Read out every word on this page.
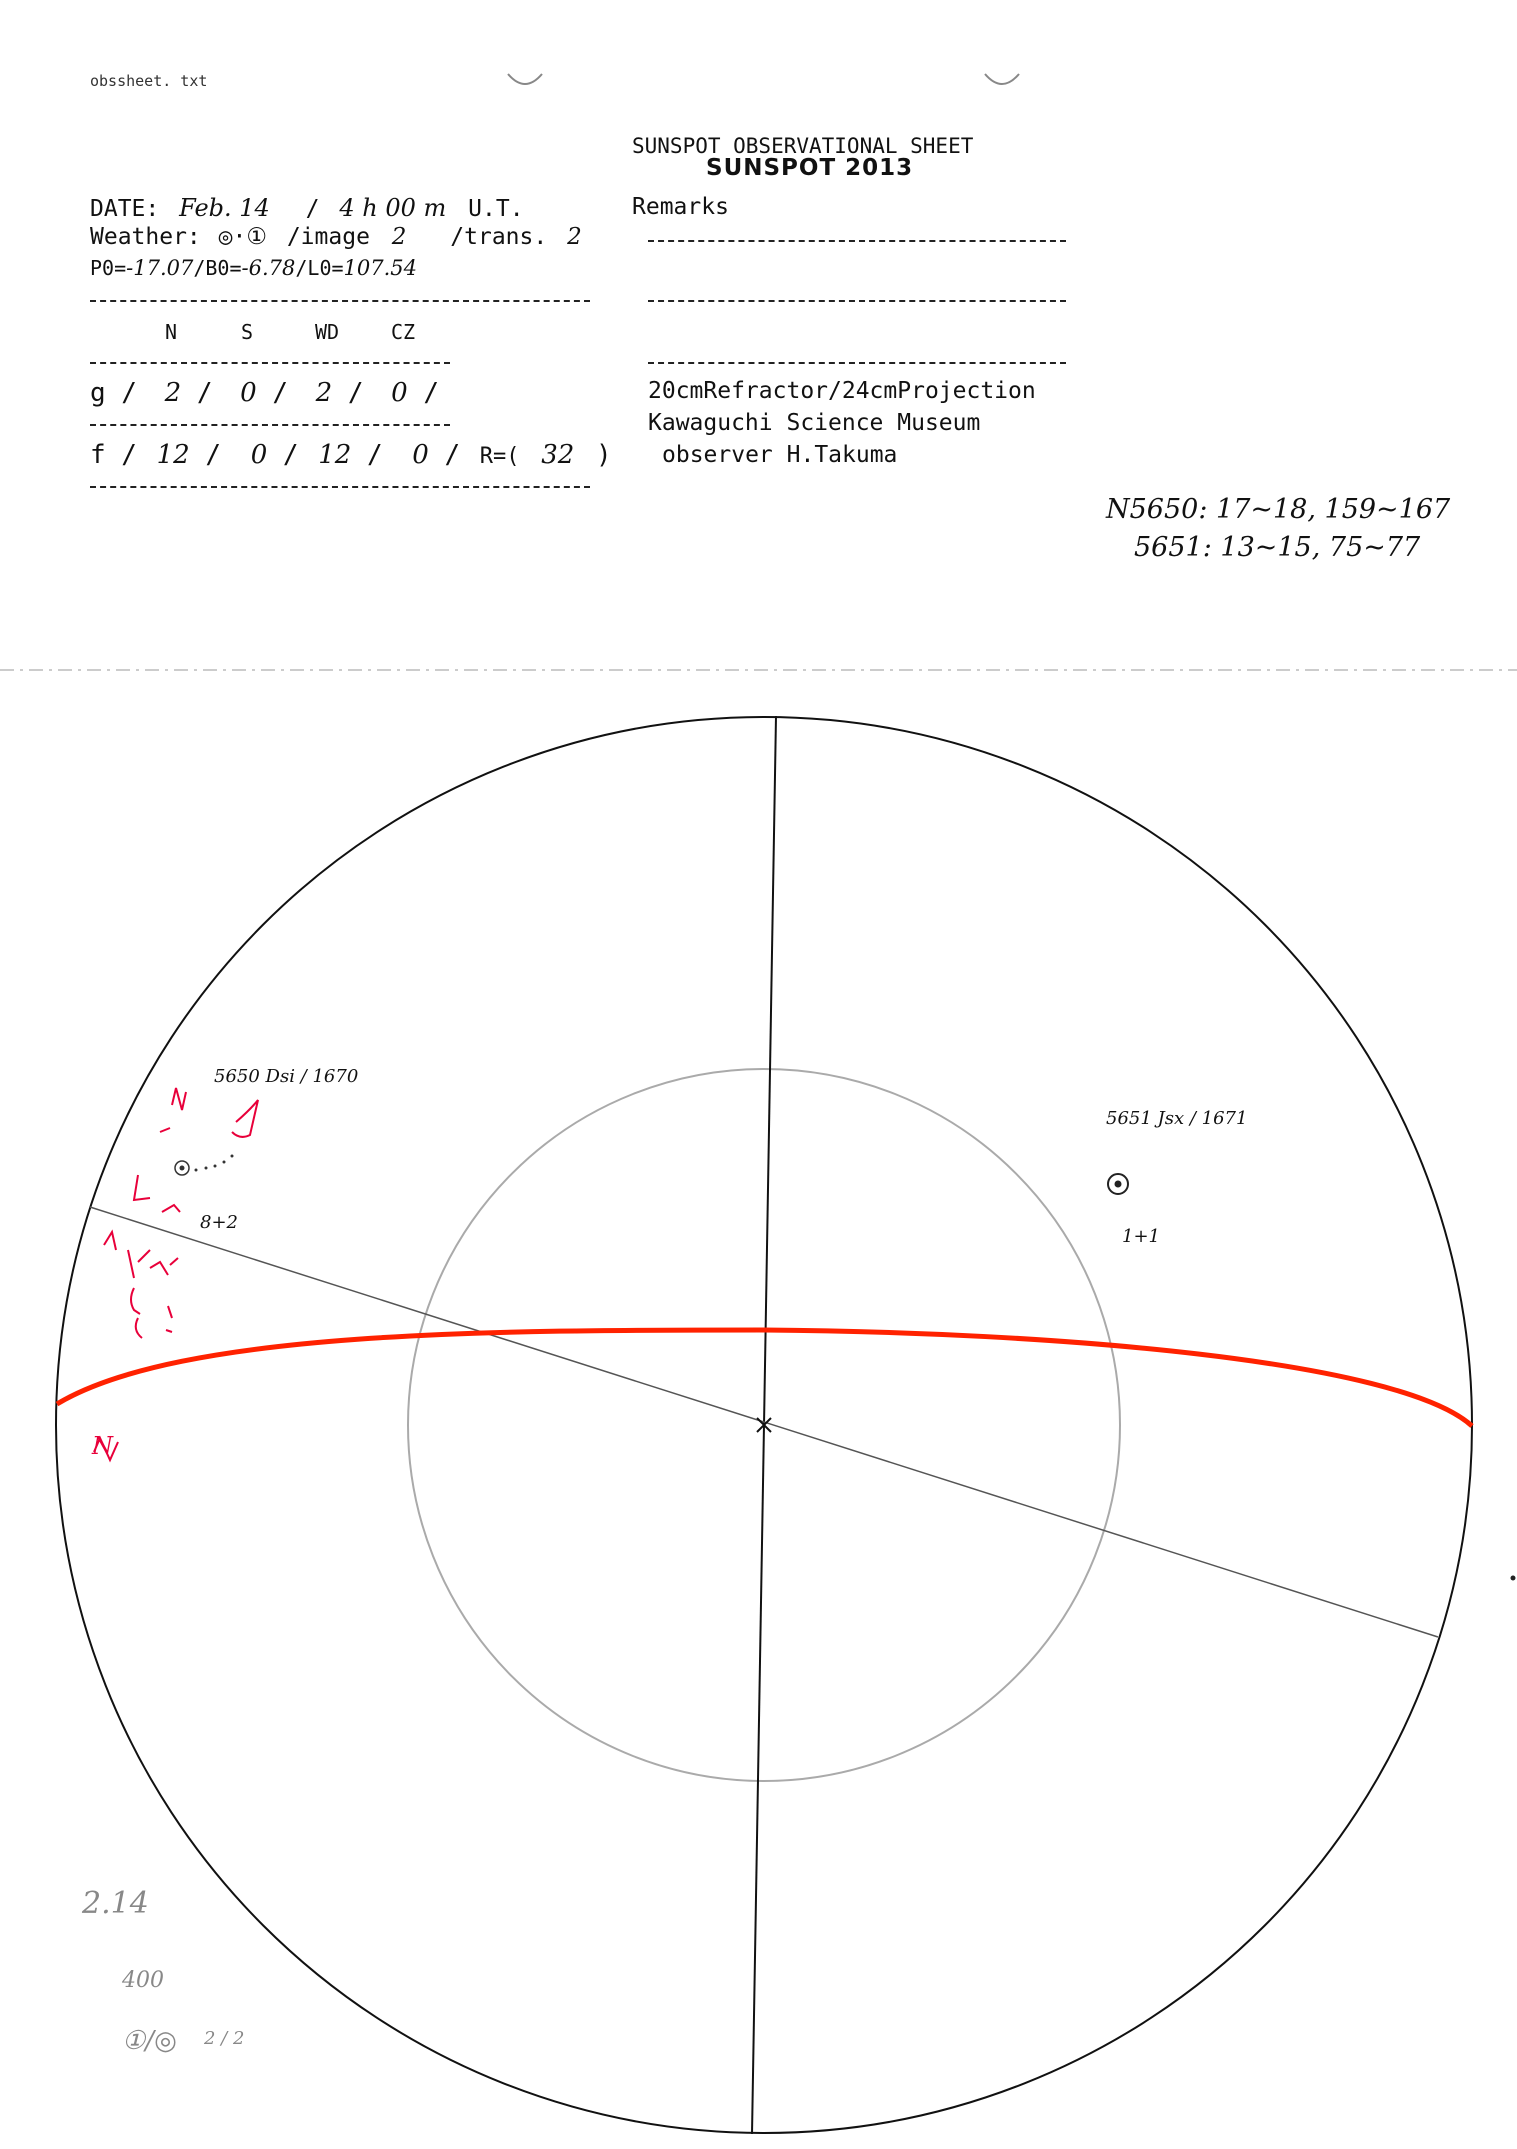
obssheet. txt
SUNSPOT OBSERVATIONAL SHEET
SUNSPOT 2013
DATE: Feb. 14 / 4 h 00 m U.T.
Weather: ◎·① /image 2 /trans. 2
P0=-17.07/B0=-6.78/L0=107.54
N	S	WD	CZ
g / 2 / 0 / 2 / 0 /
f / 12 / 0 / 12 / 0 / R=( 32 )
Remarks
20cmRefractor/24cmProjection
Kawaguchi Science Museum
observer H.Takuma
N5650: 17~18, 159~167
5651: 13~15, 75~77
5650 Dsi / 1670
8+2
5651 Jsx / 1671
1+1
N
2.14
400
①/◎ 2 / 2
